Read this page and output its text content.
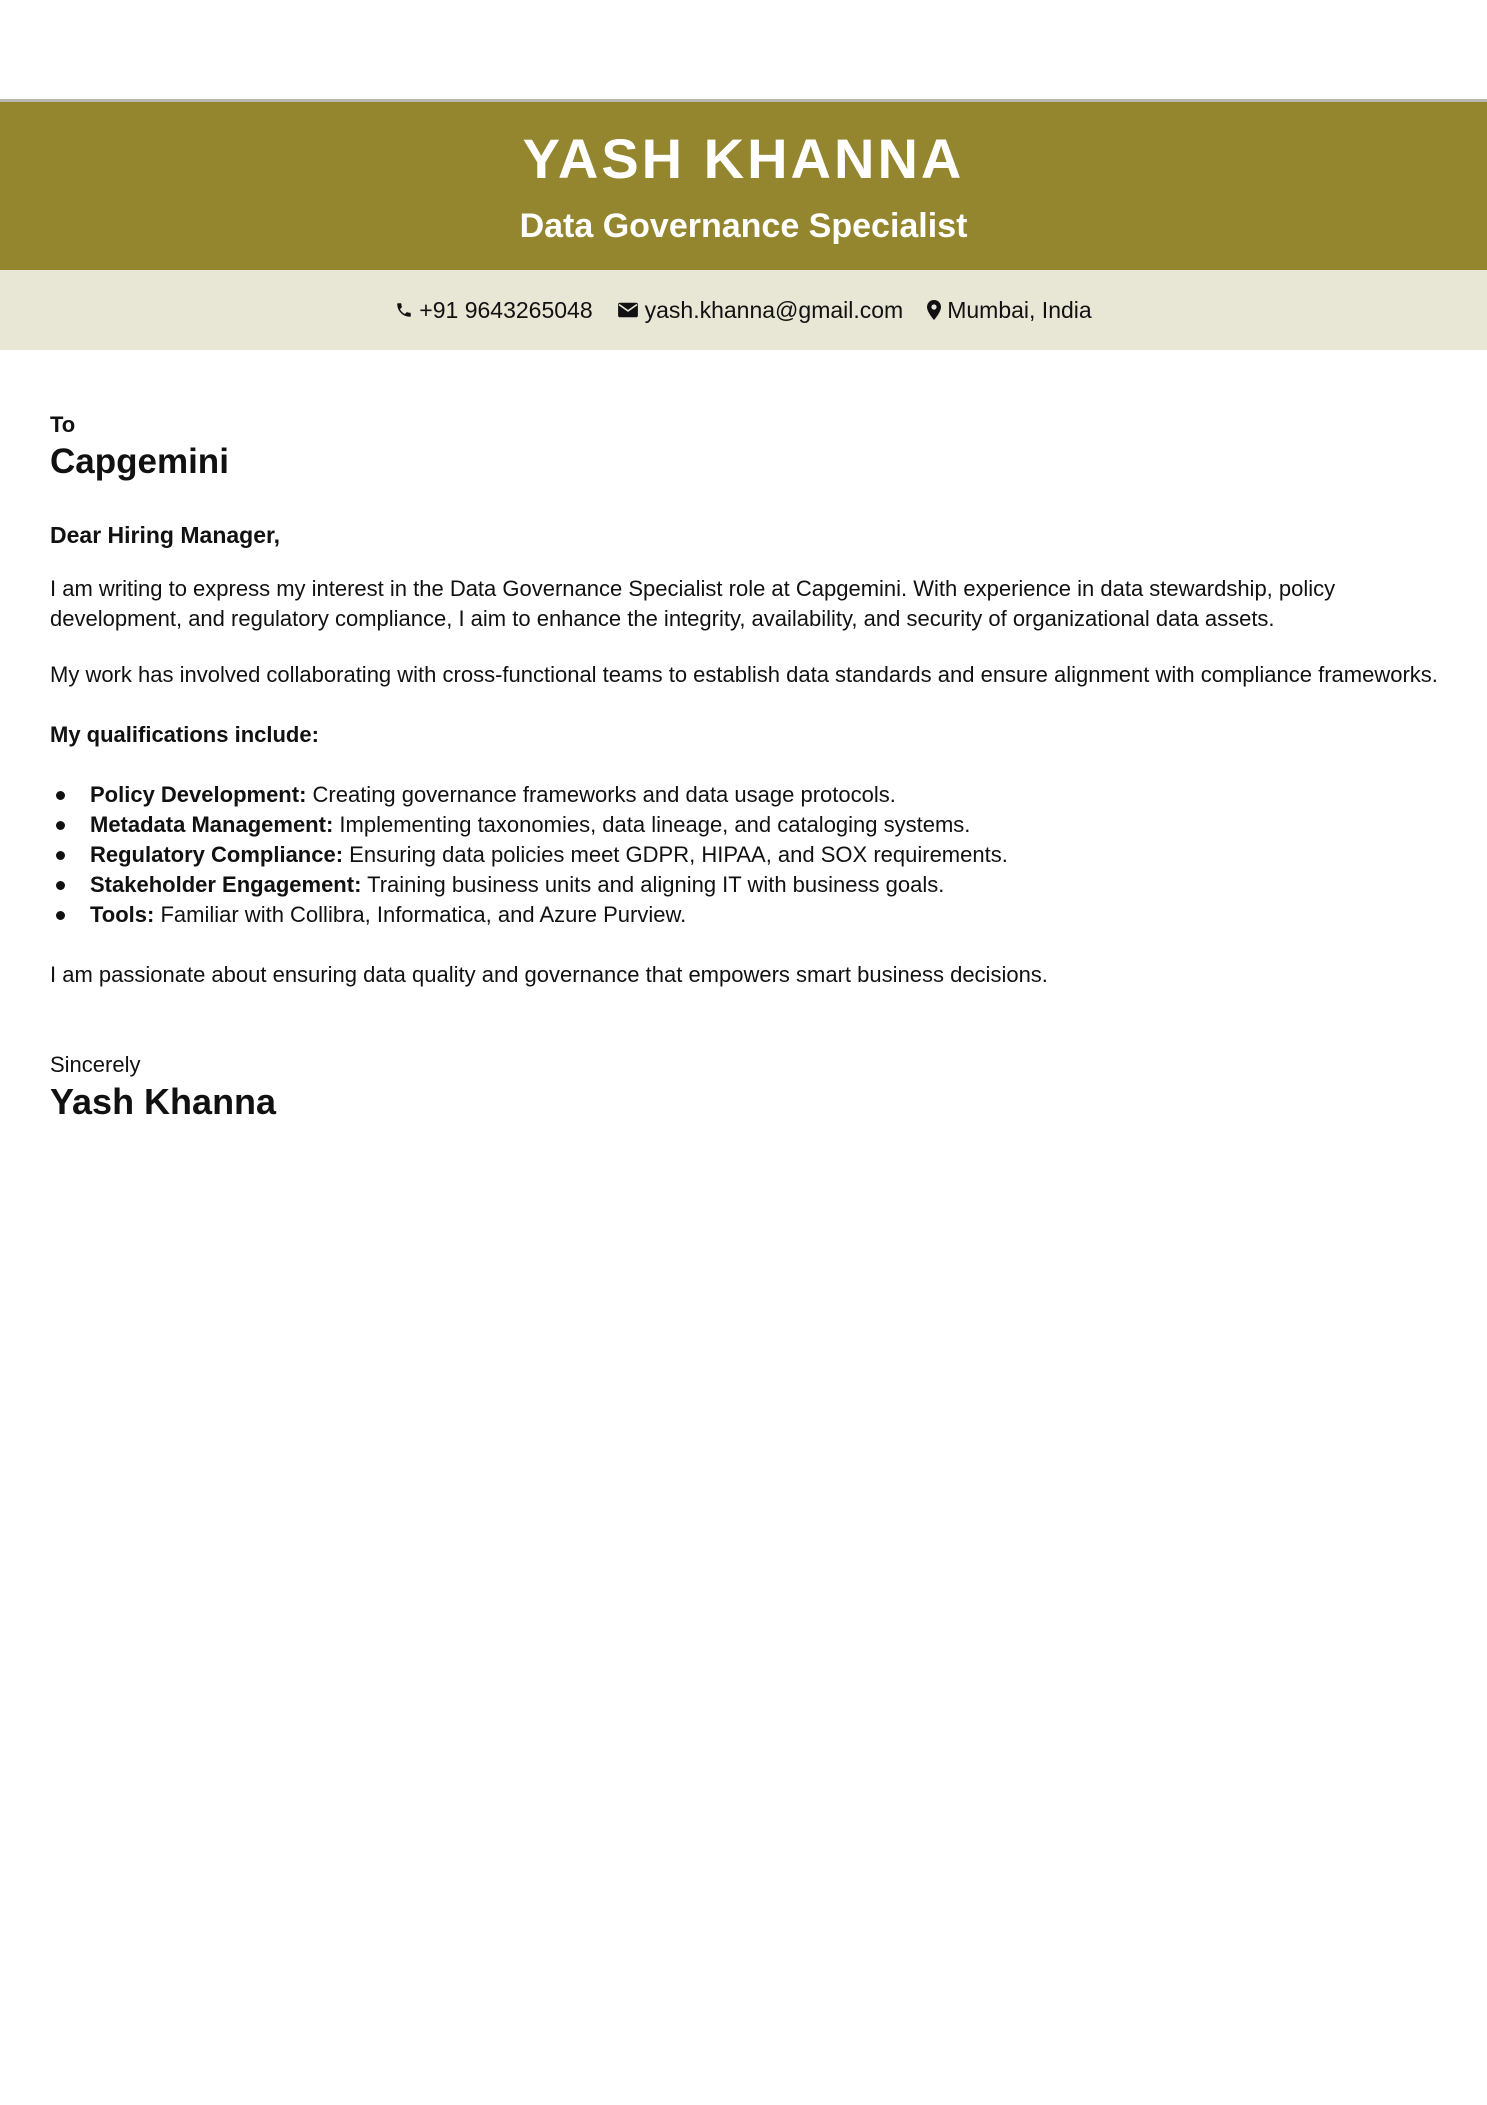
YASH KHANNA
Data Governance Specialist
+91 9643265048 yash.khanna@gmail.com Mumbai, India
To
Capgemini
Dear Hiring Manager,

I am writing to express my interest in the Data Governance Specialist role at Capgemini. With experience in data stewardship, policy development, and regulatory compliance, I aim to enhance the integrity, availability, and security of organizational data assets.

My work has involved collaborating with cross-functional teams to establish data standards and ensure alignment with compliance frameworks.

My qualifications include:
Policy Development: Creating governance frameworks and data usage protocols.
Metadata Management: Implementing taxonomies, data lineage, and cataloging systems.
Regulatory Compliance: Ensuring data policies meet GDPR, HIPAA, and SOX requirements.
Stakeholder Engagement: Training business units and aligning IT with business goals.
Tools: Familiar with Collibra, Informatica, and Azure Purview.

I am passionate about ensuring data quality and governance that empowers smart business decisions.

Sincerely
Yash Khanna
